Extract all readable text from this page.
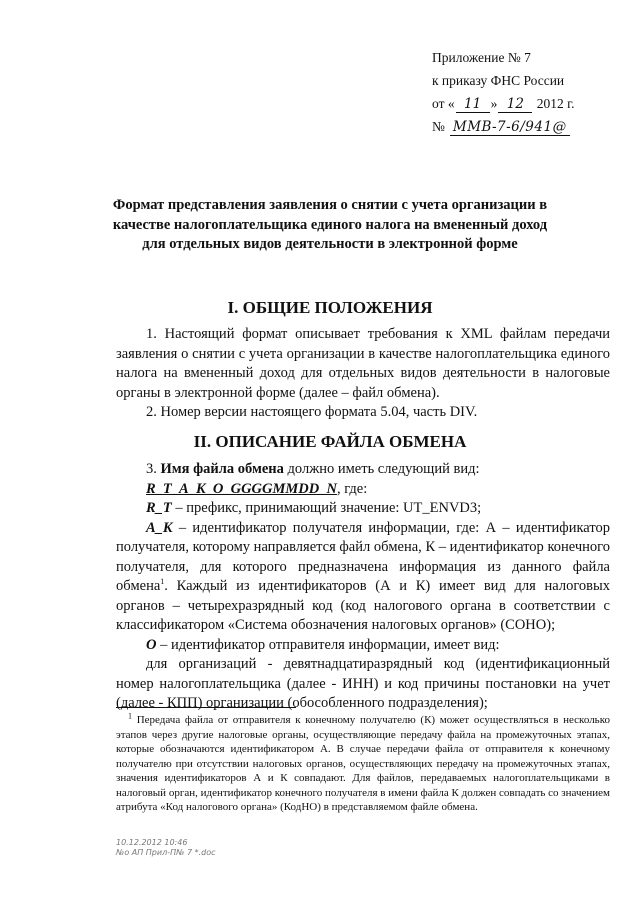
Приложение № 7
к приказу ФНС России
от « 11 » 12 2012 г.
№ ММВ-7-6/941@
Формат представления заявления о снятии с учета организации в
качестве налогоплательщика единого налога на вмененный доход
для отдельных видов деятельности в электронной форме
I. ОБЩИЕ ПОЛОЖЕНИЯ

1. Настоящий формат описывает требования к XML файлам передачи заявления о снятии с учета организации в качестве налогоплательщика единого налога на вмененный доход для отдельных видов деятельности в налоговые органы в электронной форме (далее – файл обмена).

2. Номер версии настоящего формата 5.04, часть DIV.

II. ОПИСАНИЕ ФАЙЛА ОБМЕНА

3. Имя файла обмена должно иметь следующий вид:

R_T_A_K_O_GGGGMMDD_N, где:

R_T – префикс, принимающий значение: UT_ENVD3;

A_K – идентификатор получателя информации, где: А – идентификатор получателя, которому направляется файл обмена, К – идентификатор конечного получателя, для которого предназначена информация из данного файла обмена$^1$. Каждый из идентификаторов (А и К) имеет вид для налоговых органов – четырехразрядный код (код налогового органа в соответствии с классификатором «Система обозначения налоговых органов» (СОНО);

O – идентификатор отправителя информации, имеет вид:

для организаций - девятнадцатиразрядный код (идентификационный номер налогоплательщика (далее - ИНН) и код причины постановки на учет (далее - КПП) организации (обособленного подразделения);

$^1$ Передача файла от отправителя к конечному получателю (К) может осуществляться в несколько этапов через другие налоговые органы, осуществляющие передачу файла на промежуточных этапах, которые обозначаются идентификатором А. В случае передачи файла от отправителя к конечному получателю при отсутствии налоговых органов, осуществляющих передачу на промежуточных этапах, значения идентификаторов А и К совпадают. Для файлов, передаваемых налогоплательщиками в налоговый орган, идентификатор конечного получателя в имени файла К должен совпадать со значением атрибута «Код налогового органа» (КодНО) в представляемом файле обмена.

10.12.2012 10:46
№о АП Прил-П№ 7 *.doc
